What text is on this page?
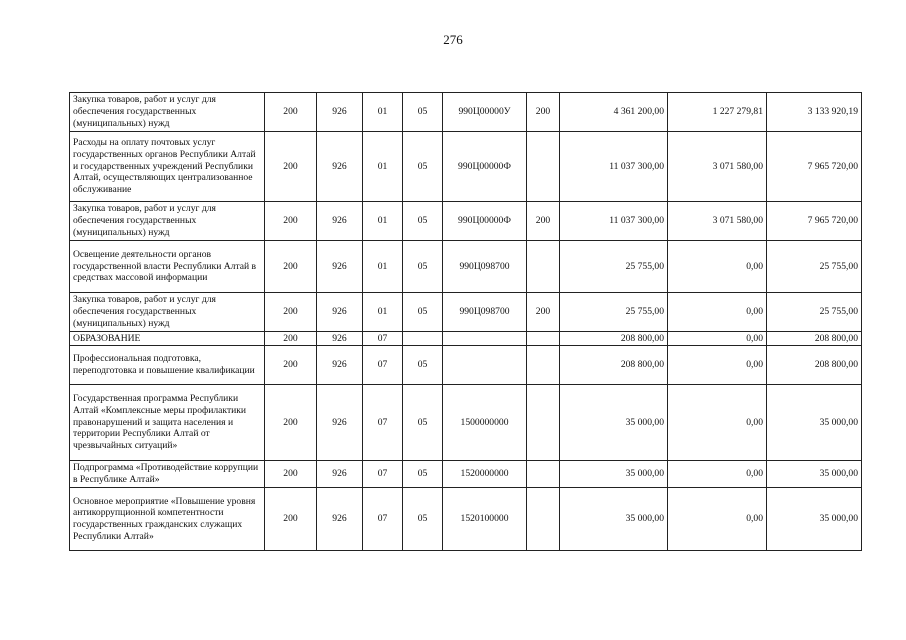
276
Закупка товаров, работ и услуг для обеспечения государственных (муниципальных) нужд	200	926	01	05	990Ц00000У	200	4 361 200,00	1 227 279,81	3 133 920,19
Расходы на оплату почтовых услуг государственных органов Республики Алтай и государственных учреждений Республики Алтай, осуществляющих централизованное обслуживание	200	926	01	05	990Ц00000Ф		11 037 300,00	3 071 580,00	7 965 720,00
Закупка товаров, работ и услуг для обеспечения государственных (муниципальных) нужд	200	926	01	05	990Ц00000Ф	200	11 037 300,00	3 071 580,00	7 965 720,00
Освещение деятельности органов государственной власти Республики Алтай в средствах массовой информации	200	926	01	05	990Ц098700		25 755,00	0,00	25 755,00
Закупка товаров, работ и услуг для обеспечения государственных (муниципальных) нужд	200	926	01	05	990Ц098700	200	25 755,00	0,00	25 755,00
ОБРАЗОВАНИЕ	200	926	07				208 800,00	0,00	208 800,00
Профессиональная подготовка, переподготовка и повышение квалификации	200	926	07	05			208 800,00	0,00	208 800,00
Государственная программа Республики Алтай «Комплексные меры профилактики правонарушений и защита населения и территории Республики Алтай от чрезвычайных ситуаций»	200	926	07	05	1500000000		35 000,00	0,00	35 000,00
Подпрограмма «Противодействие коррупции в Республике Алтай»	200	926	07	05	1520000000		35 000,00	0,00	35 000,00
Основное мероприятие «Повышение уровня антикоррупционной компетентности государственных гражданских служащих Республики Алтай»	200	926	07	05	1520100000		35 000,00	0,00	35 000,00
